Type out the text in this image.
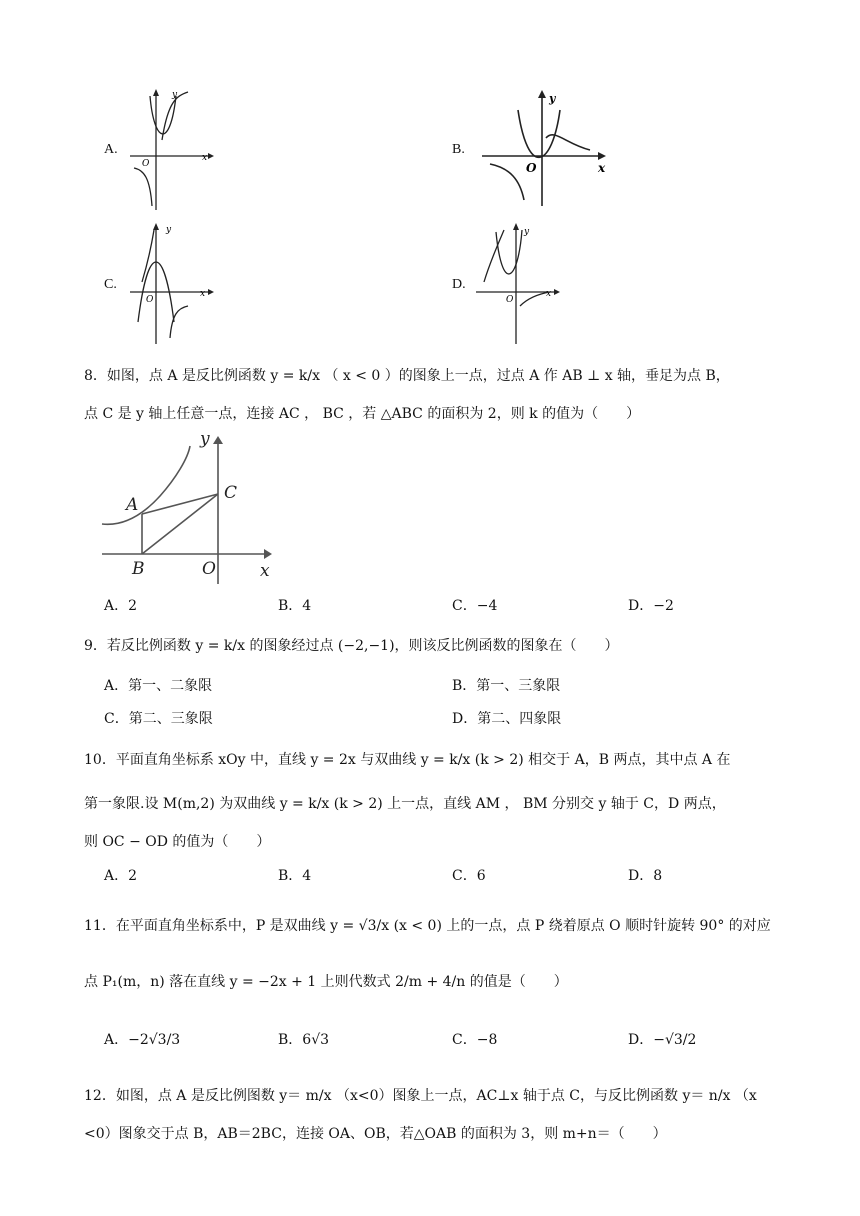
A.
y
x
O
B.
y
x
O
C.
y
x
O
D.
y
x
O
8．如图，点 A 是反比例函数 y = k/x （ x < 0 ）的图象上一点，过点 A 作 AB ⊥ x 轴，垂足为点 B，
点 C 是 y 轴上任意一点，连接 AC ， BC ，若 △ABC 的面积为 2，则 k 的值为（　　）
A
B
C
O	x
y
A．2	B．4	C．−4	D．−2
9．若反比例函数 y = k/x 的图象经过点 (−2,−1)，则该反比例函数的图象在（　　）
A．第一、二象限	B．第一、三象限
C．第二、三象限	D．第二、四象限
10．平面直角坐标系 xOy 中，直线 y = 2x 与双曲线 y = k/x (k > 2) 相交于 A，B 两点，其中点 A 在
第一象限.设 M(m,2) 为双曲线 y = k/x (k > 2) 上一点，直线 AM ， BM 分别交 y 轴于 C，D 两点，
则 OC − OD 的值为（　　）
A．2	B．4	C．6	D．8
11．在平面直角坐标系中，P 是双曲线 y = √3/x (x < 0) 上的一点，点 P 绕着原点 O 顺时针旋转 90° 的对应
点 P₁(m，n) 落在直线 y = −2x + 1 上则代数式 2/m + 4/n 的值是（　　）
A．−2√3/3	B．6√3	C．−8	D．−√3/2
12．如图，点 A 是反比例图数 y＝ m/x （x<0）图象上一点，AC⊥x 轴于点 C，与反比例函数 y＝ n/x （x
<0）图象交于点 B，AB＝2BC，连接 OA、OB，若△OAB 的面积为 3，则 m+n＝（　　）
